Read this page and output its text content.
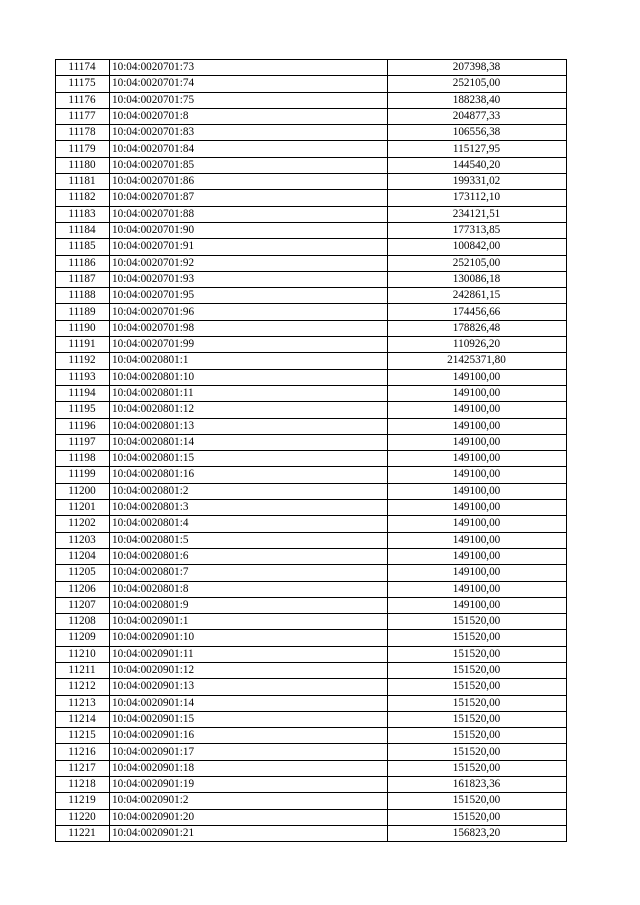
11174	10:04:0020701:73	207398,38
11175	10:04:0020701:74	252105,00
11176	10:04:0020701:75	188238,40
11177	10:04:0020701:8	204877,33
11178	10:04:0020701:83	106556,38
11179	10:04:0020701:84	115127,95
11180	10:04:0020701:85	144540,20
11181	10:04:0020701:86	199331,02
11182	10:04:0020701:87	173112,10
11183	10:04:0020701:88	234121,51
11184	10:04:0020701:90	177313,85
11185	10:04:0020701:91	100842,00
11186	10:04:0020701:92	252105,00
11187	10:04:0020701:93	130086,18
11188	10:04:0020701:95	242861,15
11189	10:04:0020701:96	174456,66
11190	10:04:0020701:98	178826,48
11191	10:04:0020701:99	110926,20
11192	10:04:0020801:1	21425371,80
11193	10:04:0020801:10	149100,00
11194	10:04:0020801:11	149100,00
11195	10:04:0020801:12	149100,00
11196	10:04:0020801:13	149100,00
11197	10:04:0020801:14	149100,00
11198	10:04:0020801:15	149100,00
11199	10:04:0020801:16	149100,00
11200	10:04:0020801:2	149100,00
11201	10:04:0020801:3	149100,00
11202	10:04:0020801:4	149100,00
11203	10:04:0020801:5	149100,00
11204	10:04:0020801:6	149100,00
11205	10:04:0020801:7	149100,00
11206	10:04:0020801:8	149100,00
11207	10:04:0020801:9	149100,00
11208	10:04:0020901:1	151520,00
11209	10:04:0020901:10	151520,00
11210	10:04:0020901:11	151520,00
11211	10:04:0020901:12	151520,00
11212	10:04:0020901:13	151520,00
11213	10:04:0020901:14	151520,00
11214	10:04:0020901:15	151520,00
11215	10:04:0020901:16	151520,00
11216	10:04:0020901:17	151520,00
11217	10:04:0020901:18	151520,00
11218	10:04:0020901:19	161823,36
11219	10:04:0020901:2	151520,00
11220	10:04:0020901:20	151520,00
11221	10:04:0020901:21	156823,20
